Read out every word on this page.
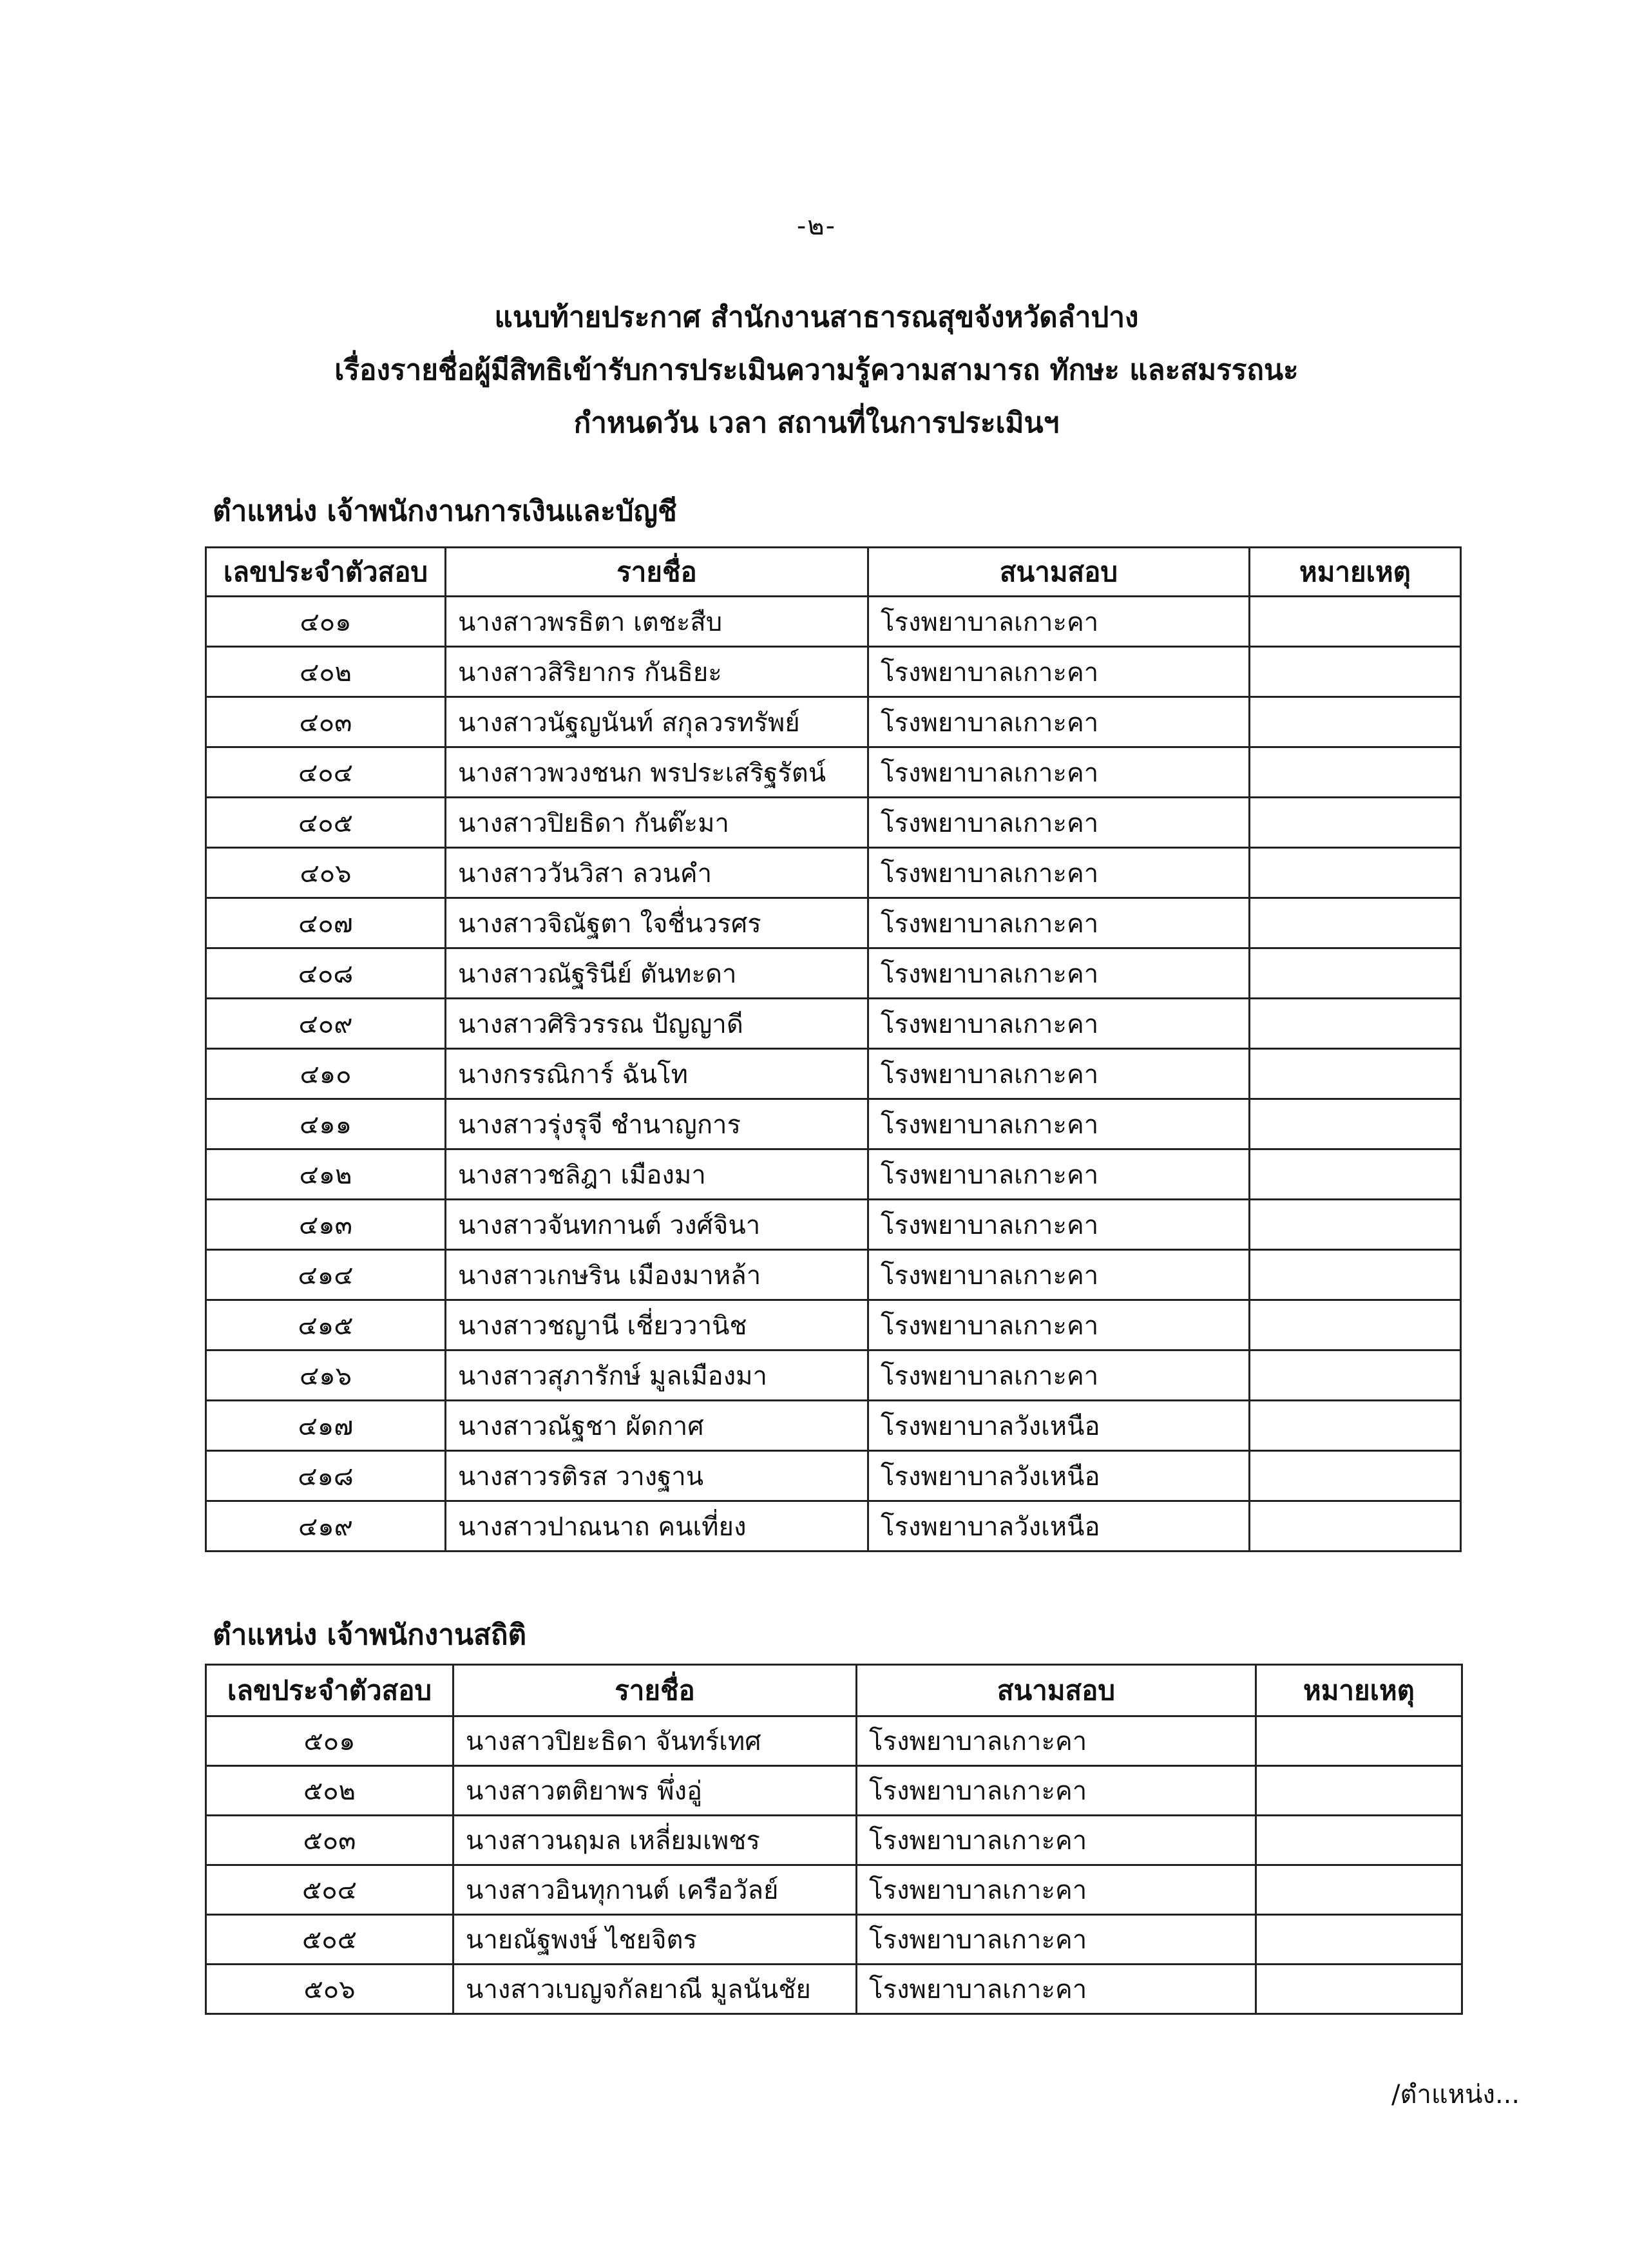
-๒-
แนบท้ายประกาศ สำนักงานสาธารณสุขจังหวัดลำปาง
เรื่องรายชื่อผู้มีสิทธิเข้ารับการประเมินความรู้ความสามารถ ทักษะ และสมรรถนะ
กำหนดวัน เวลา สถานที่ในการประเมินฯ
ตำแหน่ง เจ้าพนักงานการเงินและบัญชี
เลขประจำตัวสอบ	รายชื่อ	สนามสอบ	หมายเหตุ
๔๐๑	นางสาวพรธิตา เตชะสืบ	โรงพยาบาลเกาะคา	
๔๐๒	นางสาวสิริยากร กันธิยะ	โรงพยาบาลเกาะคา	
๔๐๓	นางสาวนัฐญนันท์ สกุลวรทรัพย์	โรงพยาบาลเกาะคา	
๔๐๔	นางสาวพวงชนก พรประเสริฐรัตน์	โรงพยาบาลเกาะคา	
๔๐๕	นางสาวปิยธิดา กันต๊ะมา	โรงพยาบาลเกาะคา	
๔๐๖	นางสาววันวิสา ลวนคำ	โรงพยาบาลเกาะคา	
๔๐๗	นางสาวจิณัฐตา ใจชื่นวรศร	โรงพยาบาลเกาะคา	
๔๐๘	นางสาวณัฐรินีย์ ตันทะดา	โรงพยาบาลเกาะคา	
๔๐๙	นางสาวศิริวรรณ ปัญญาดี	โรงพยาบาลเกาะคา	
๔๑๐	นางกรรณิการ์ ฉันโท	โรงพยาบาลเกาะคา	
๔๑๑	นางสาวรุ่งรุจี ชำนาญการ	โรงพยาบาลเกาะคา	
๔๑๒	นางสาวชลิฎา เมืองมา	โรงพยาบาลเกาะคา	
๔๑๓	นางสาวจันทกานต์ วงศ์จินา	โรงพยาบาลเกาะคา	
๔๑๔	นางสาวเกษริน เมืองมาหล้า	โรงพยาบาลเกาะคา	
๔๑๕	นางสาวชญานี เชี่ยววานิช	โรงพยาบาลเกาะคา	
๔๑๖	นางสาวสุภารักษ์ มูลเมืองมา	โรงพยาบาลเกาะคา	
๔๑๗	นางสาวณัฐชา ผัดกาศ	โรงพยาบาลวังเหนือ	
๔๑๘	นางสาวรติรส วางฐาน	โรงพยาบาลวังเหนือ	
๔๑๙	นางสาวปาณนาถ คนเที่ยง	โรงพยาบาลวังเหนือ	
ตำแหน่ง เจ้าพนักงานสถิติ
เลขประจำตัวสอบ	รายชื่อ	สนามสอบ	หมายเหตุ
๕๐๑	นางสาวปิยะธิดา จันทร์เทศ	โรงพยาบาลเกาะคา	
๕๐๒	นางสาวตติยาพร พึ่งอู่	โรงพยาบาลเกาะคา	
๕๐๓	นางสาวนฤมล เหลี่ยมเพชร	โรงพยาบาลเกาะคา	
๕๐๔	นางสาวอินทุกานต์ เครือวัลย์	โรงพยาบาลเกาะคา	
๕๐๕	นายณัฐพงษ์ ไชยจิตร	โรงพยาบาลเกาะคา	
๕๐๖	นางสาวเบญจกัลยาณี มูลนันชัย	โรงพยาบาลเกาะคา	
/ตำแหน่ง...
